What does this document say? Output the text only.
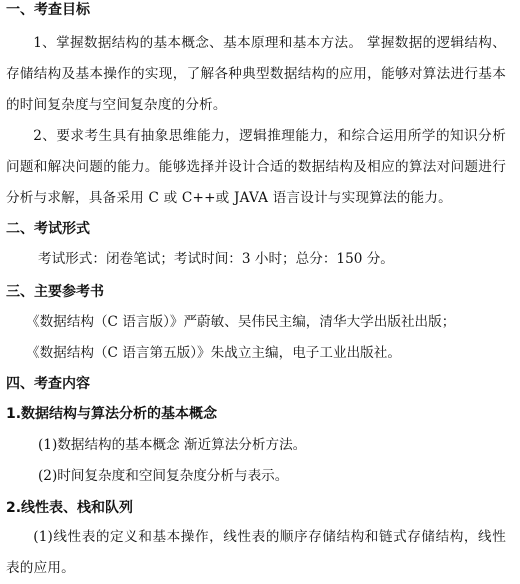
一、考查目标
1、掌握数据结构的基本概念、基本原理和基本方法。 掌握数据的逻辑结构、存储结构及基本操作的实现，了解各种典型数据结构的应用，能够对算法进行基本的时间复杂度与空间复杂度的分析。
2、要求考生具有抽象思维能力，逻辑推理能力，和综合运用所学的知识分析问题和解决问题的能力。能够选择并设计合适的数据结构及相应的算法对问题进行分析与求解，具备采用 C 或 C++或 JAVA 语言设计与实现算法的能力。
二、考试形式
考试形式：闭卷笔试；考试时间：3 小时；总分：150 分。
三、主要参考书
《数据结构（C 语言版）》严蔚敏、吴伟民主编，清华大学出版社出版；
《数据结构（C 语言第五版）》朱战立主编，电子工业出版社。
四、考查内容
1.数据结构与算法分析的基本概念
(1)数据结构的基本概念 渐近算法分析方法。
(2)时间复杂度和空间复杂度分析与表示。
2.线性表、栈和队列
(1)线性表的定义和基本操作，线性表的顺序存储结构和链式存储结构，线性表的应用。
